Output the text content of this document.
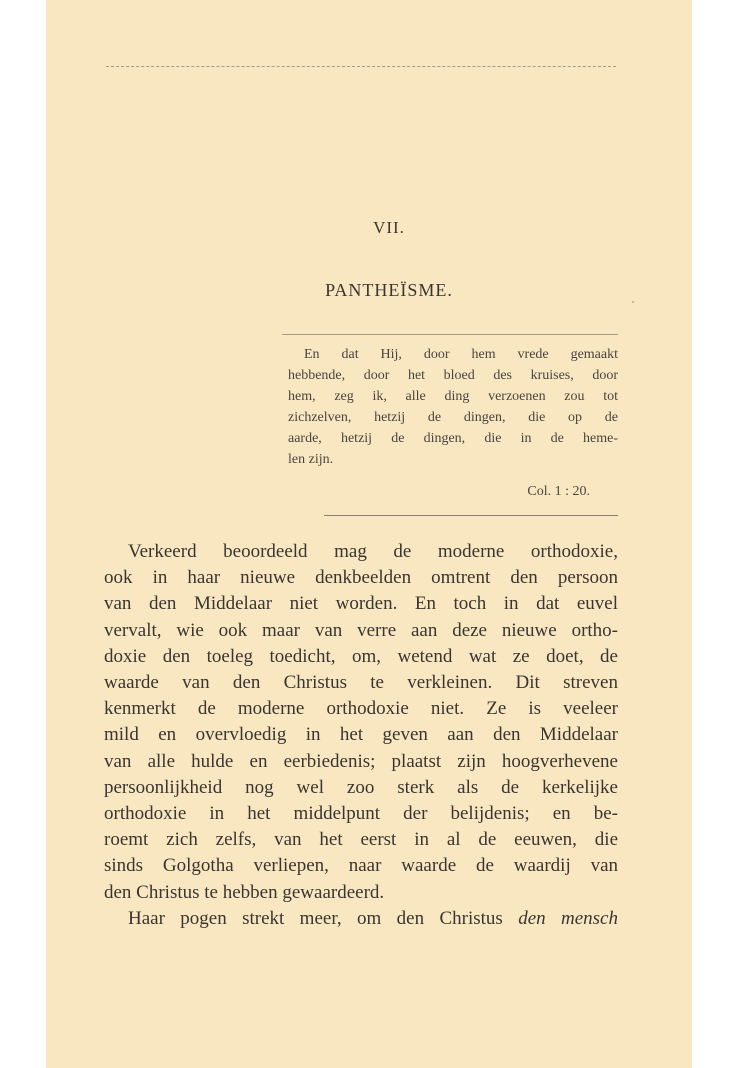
VII.
PANTHEÏSME.
En dat Hij, door hem vrede gemaakt
hebbende, door het bloed des kruises, door
hem, zeg ik, alle ding verzoenen zou tot
zichzelven, hetzij de dingen, die op de
aarde, hetzij de dingen, die in de heme-
len zijn.
Col. 1 : 20.
Verkeerd beoordeeld mag de moderne orthodoxie,
ook in haar nieuwe denkbeelden omtrent den persoon
van den Middelaar niet worden. En toch in dat euvel
vervalt, wie ook maar van verre aan deze nieuwe ortho-
doxie den toeleg toedicht, om, wetend wat ze doet, de
waarde van den Christus te verkleinen. Dit streven
kenmerkt de moderne orthodoxie niet. Ze is veeleer
mild en overvloedig in het geven aan den Middelaar
van alle hulde en eerbiedenis; plaatst zijn hoogverhevene
persoonlijkheid nog wel zoo sterk als de kerkelijke
orthodoxie in het middelpunt der belijdenis; en be-
roemt zich zelfs, van het eerst in al de eeuwen, die
sinds Golgotha verliepen, naar waarde de waardij van
den Christus te hebben gewaardeerd.
Haar pogen strekt meer, om den Christus den mensch
